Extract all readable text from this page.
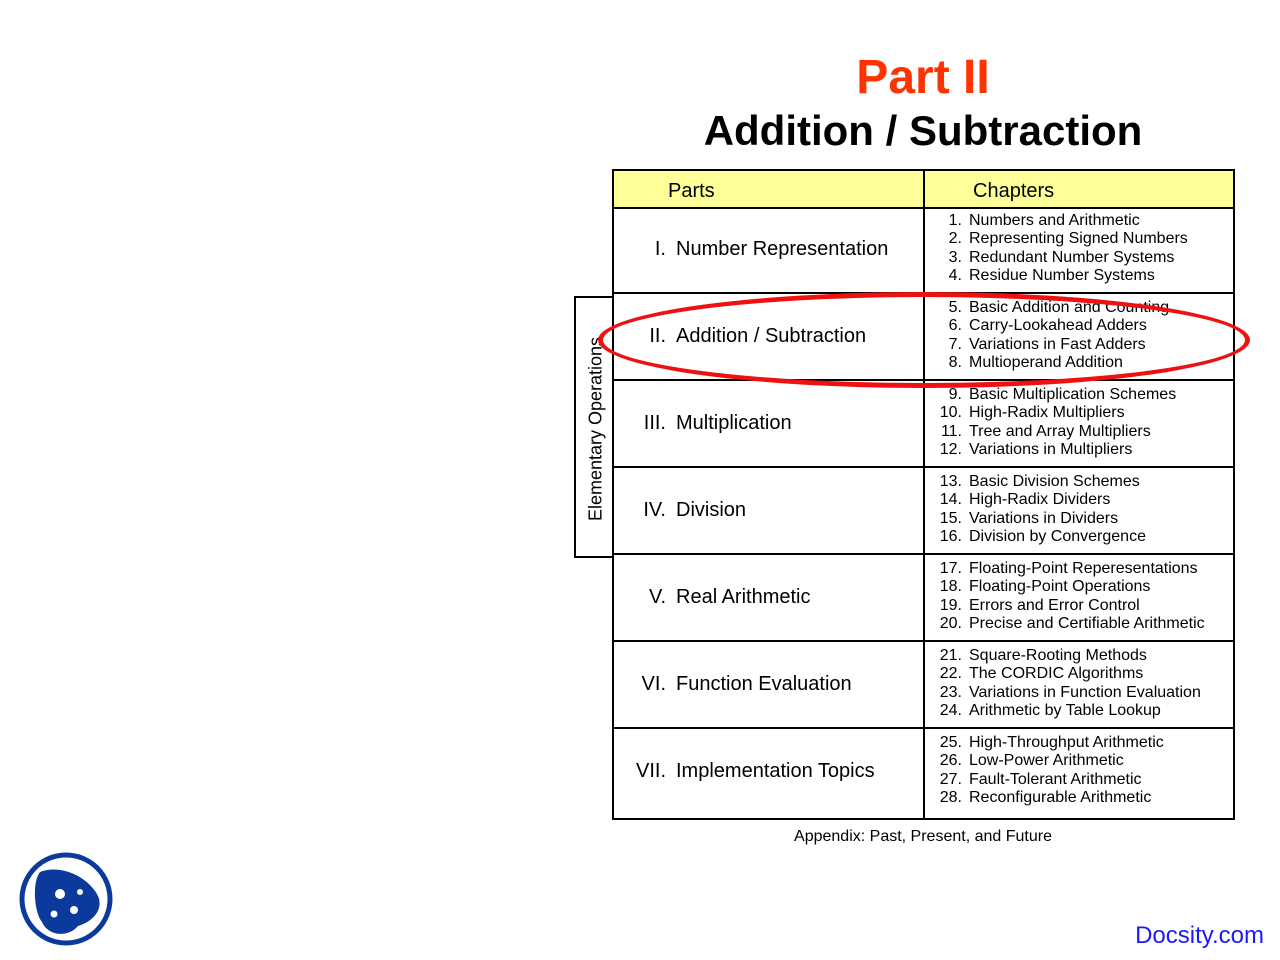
Part II
Addition / Subtraction
Elementary Operations
Parts	Chapters
I. Number Representation
1. Numbers and Arithmetic
2. Representing Signed Numbers
3. Redundant Number Systems
4. Residue Number Systems
II. Addition / Subtraction
5. Basic Addition and Counting
6. Carry-Lookahead Adders
7. Variations in Fast Adders
8. Multioperand Addition
III. Multiplication
9. Basic Multiplication Schemes
10. High-Radix Multipliers
11. Tree and Array Multipliers
12. Variations in Multipliers
IV. Division
13. Basic Division Schemes
14. High-Radix Dividers
15. Variations in Dividers
16. Division by Convergence
V. Real Arithmetic
17. Floating-Point Reperesentations
18. Floating-Point Operations
19. Errors and Error Control
20. Precise and Certifiable Arithmetic
VI. Function Evaluation
21. Square-Rooting Methods
22. The CORDIC Algorithms
23. Variations in Function Evaluation
24. Arithmetic by Table Lookup
VII. Implementation Topics
25. High-Throughput Arithmetic
26. Low-Power Arithmetic
27. Fault-Tolerant Arithmetic
28. Reconfigurable Arithmetic
Appendix: Past, Present, and Future
Docsity.com
